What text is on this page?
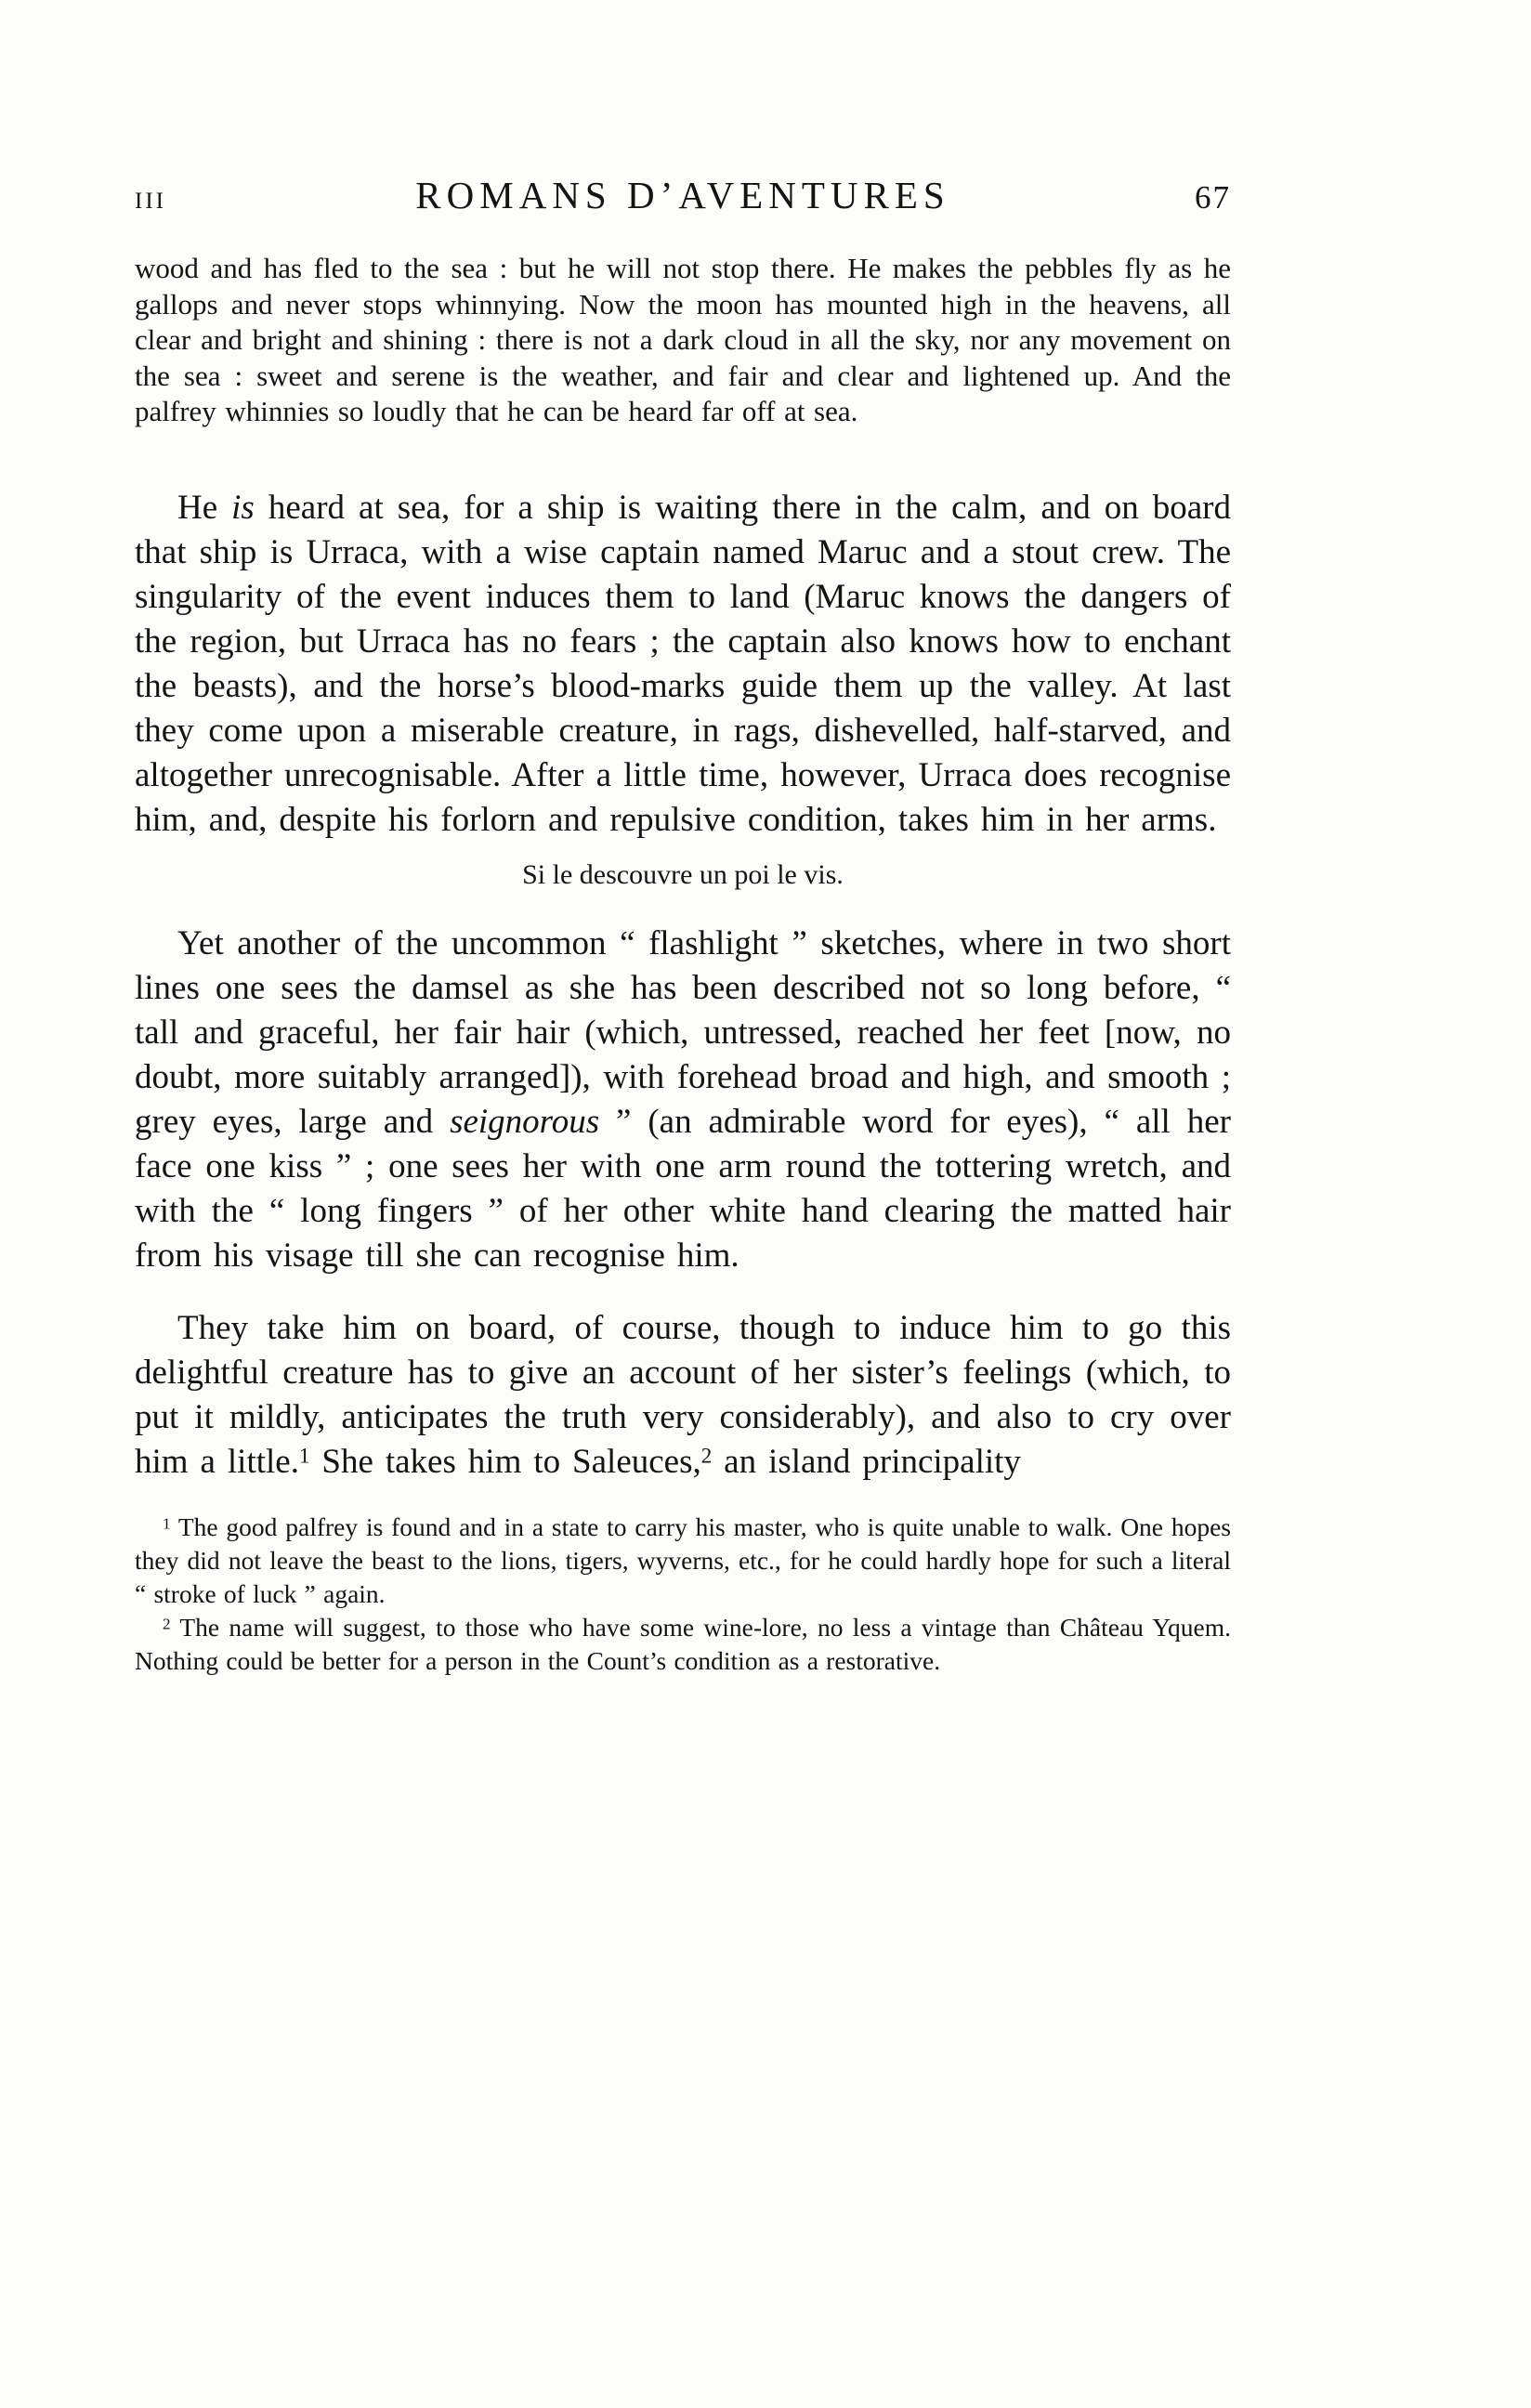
III	ROMANS D’AVENTURES	67

wood and has fled to the sea : but he will not stop there. He makes the pebbles fly as he gallops and never stops whinnying. Now the moon has mounted high in the heavens, all clear and bright and shining : there is not a dark cloud in all the sky, nor any movement on the sea : sweet and serene is the weather, and fair and clear and lightened up. And the palfrey whinnies so loudly that he can be heard far off at sea.

He is heard at sea, for a ship is waiting there in the calm, and on board that ship is Urraca, with a wise captain named Maruc and a stout crew. The singularity of the event induces them to land (Maruc knows the dangers of the region, but Urraca has no fears ; the captain also knows how to enchant the beasts), and the horse’s blood-marks guide them up the valley. At last they come upon a miserable creature, in rags, dishevelled, half-starved, and altogether unrecognisable. After a little time, however, Urraca does recognise him, and, despite his forlorn and repulsive condition, takes him in her arms.

Si le descouvre un poi le vis.

Yet another of the uncommon “ flashlight ” sketches, where in two short lines one sees the damsel as she has been described not so long before, “ tall and graceful, her fair hair (which, untressed, reached her feet [now, no doubt, more suitably arranged]), with forehead broad and high, and smooth ; grey eyes, large and seignorous ” (an admirable word for eyes), “ all her face one kiss ” ; one sees her with one arm round the tottering wretch, and with the “ long fingers ” of her other white hand clearing the matted hair from his visage till she can recognise him.

They take him on board, of course, though to induce him to go this delightful creature has to give an account of her sister’s feelings (which, to put it mildly, anticipates the truth very considerably), and also to cry over him a little.$^1$ She takes him to Saleuces,$^2$ an island principality

$^1$ The good palfrey is found and in a state to carry his master, who is quite unable to walk. One hopes they did not leave the beast to the lions, tigers, wyverns, etc., for he could hardly hope for such a literal “ stroke of luck ” again.

$^2$ The name will suggest, to those who have some wine-lore, no less a vintage than Château Yquem. Nothing could be better for a person in the Count’s condition as a restorative.
